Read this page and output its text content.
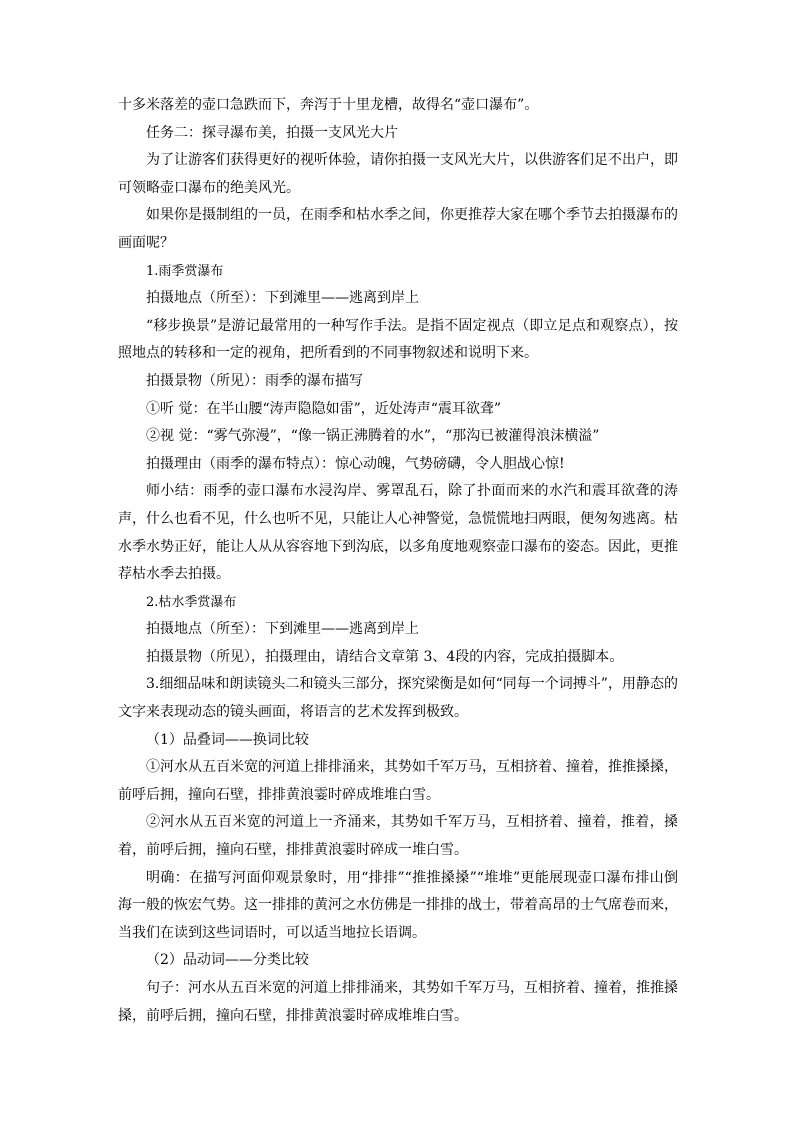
十多米落差的壶口急跌而下，奔泻于十里龙槽，故得名“壶口瀑布”。

任务二：探寻瀑布美，拍摄一支风光大片

为了让游客们获得更好的视听体验，请你拍摄一支风光大片，以供游客们足不出户，即可领略壶口瀑布的绝美风光。

如果你是摄制组的一员，在雨季和枯水季之间，你更推荐大家在哪个季节去拍摄瀑布的画面呢？

1.雨季赏瀑布

拍摄地点（所至）：下到滩里——逃离到岸上

“移步换景”是游记最常用的一种写作手法。是指不固定视点（即立足点和观察点），按照地点的转移和一定的视角，把所看到的不同事物叙述和说明下来。

拍摄景物（所见）：雨季的瀑布描写

①听 觉：在半山腰“涛声隐隐如雷”，近处涛声“震耳欲聋”

②视 觉：“雾气弥漫”，“像一锅正沸腾着的水”，“那沟已被灌得浪沫横溢”

拍摄理由（雨季的瀑布特点）：惊心动魄，气势磅礴，令人胆战心惊!

师小结：雨季的壶口瀑布水浸沟岸、雾罩乱石，除了扑面而来的水汽和震耳欲聋的涛声，什么也看不见，什么也听不见，只能让人心神警觉，急慌慌地扫两眼，便匆匆逃离。枯水季水势正好，能让人从从容容地下到沟底，以多角度地观察壶口瀑布的姿态。因此，更推荐枯水季去拍摄。

2.枯水季赏瀑布

拍摄地点（所至）：下到滩里——逃离到岸上

拍摄景物（所见），拍摄理由，请结合文章第 3、4段的内容，完成拍摄脚本。

3.细细品味和朗读镜头二和镜头三部分，探究梁衡是如何“同每一个词搏斗”，用静态的文字来表现动态的镜头画面，将语言的艺术发挥到极致。

（1）品叠词——换词比较

①河水从五百米宽的河道上排排涌来，其势如千军万马，互相挤着、撞着，推推搡搡，前呼后拥，撞向石壁，排排黄浪霎时碎成堆堆白雪。

②河水从五百米宽的河道上一齐涌来，其势如千军万马，互相挤着、撞着，推着，搡着，前呼后拥，撞向石壁，排排黄浪霎时碎成一堆白雪。

明确：在描写河面仰观景象时，用“排排”“推推搡搡”“堆堆”更能展现壶口瀑布排山倒海一般的恢宏气势。这一排排的黄河之水仿佛是一排排的战士，带着高昂的士气席卷而来，当我们在读到这些词语时，可以适当地拉长语调。

（2）品动词——分类比较

句子：河水从五百米宽的河道上排排涌来，其势如千军万马，互相挤着、撞着，推推搡搡，前呼后拥，撞向石壁，排排黄浪霎时碎成堆堆白雪。
